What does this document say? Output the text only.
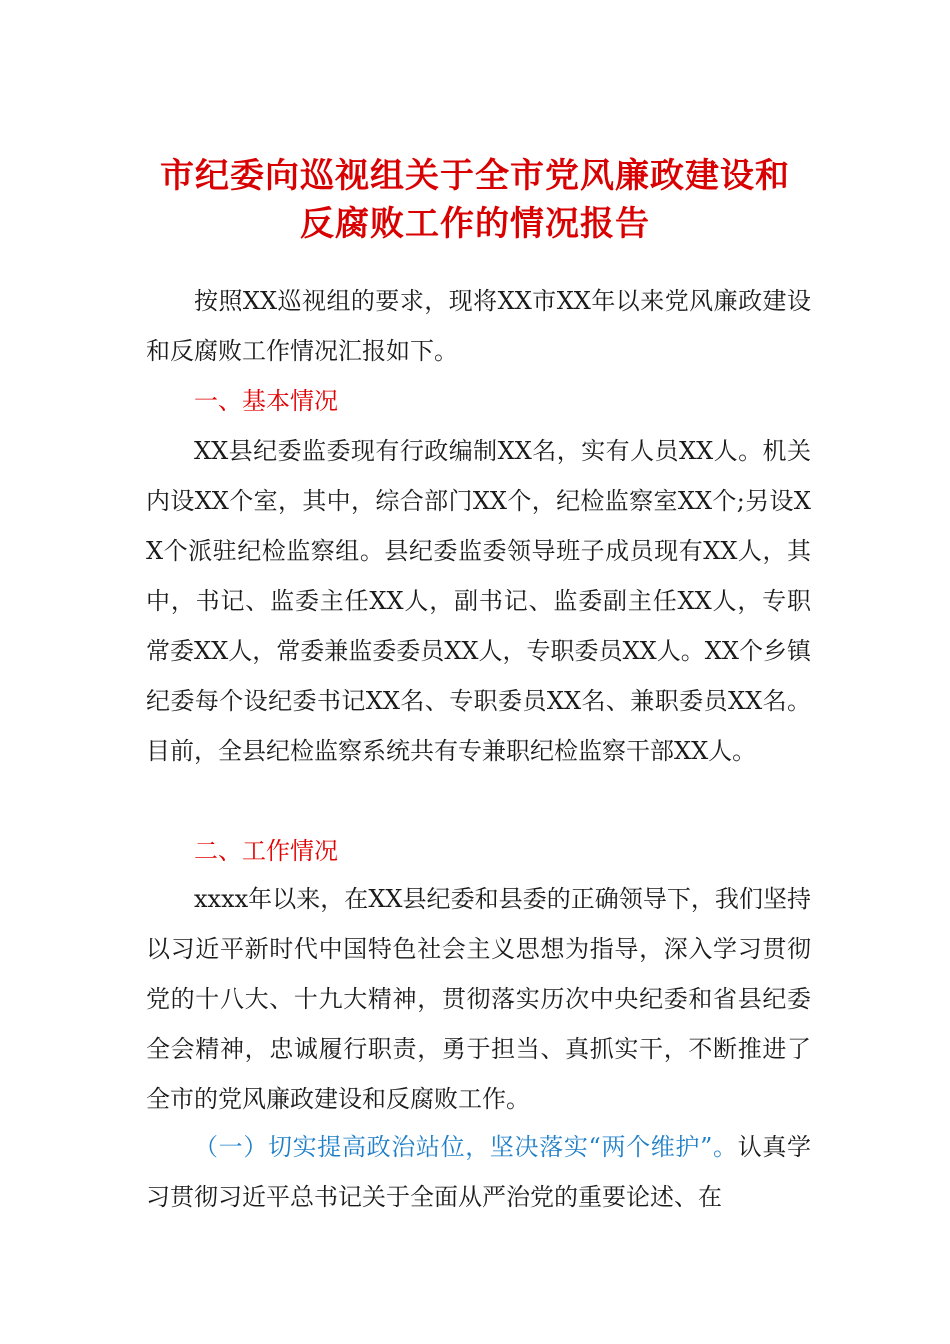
市纪委向巡视组关于全市党风廉政建设和
反腐败工作的情况报告

按照XX巡视组的要求，现将XX市XX年以来党风廉政建设和反腐败工作情况汇报如下。

一、基本情况

XX县纪委监委现有行政编制XX名，实有人员XX人。机关内设XX个室，其中，综合部门XX个，纪检监察室XX个;另设XX个派驻纪检监察组。县纪委监委领导班子成员现有XX人，其中，书记、监委主任XX人，副书记、监委副主任XX人，专职常委XX人，常委兼监委委员XX人，专职委员XX人。XX个乡镇纪委每个设纪委书记XX名、专职委员XX名、兼职委员XX名。目前，全县纪检监察系统共有专兼职纪检监察干部XX人。

二、工作情况

xxxx年以来，在XX县纪委和县委的正确领导下，我们坚持以习近平新时代中国特色社会主义思想为指导，深入学习贯彻党的十八大、十九大精神，贯彻落实历次中央纪委和省县纪委全会精神，忠诚履行职责，勇于担当、真抓实干，不断推进了全市的党风廉政建设和反腐败工作。

（一）切实提高政治站位，坚决落实“两个维护”。认真学习贯彻习近平总书记关于全面从严治党的重要论述、在
